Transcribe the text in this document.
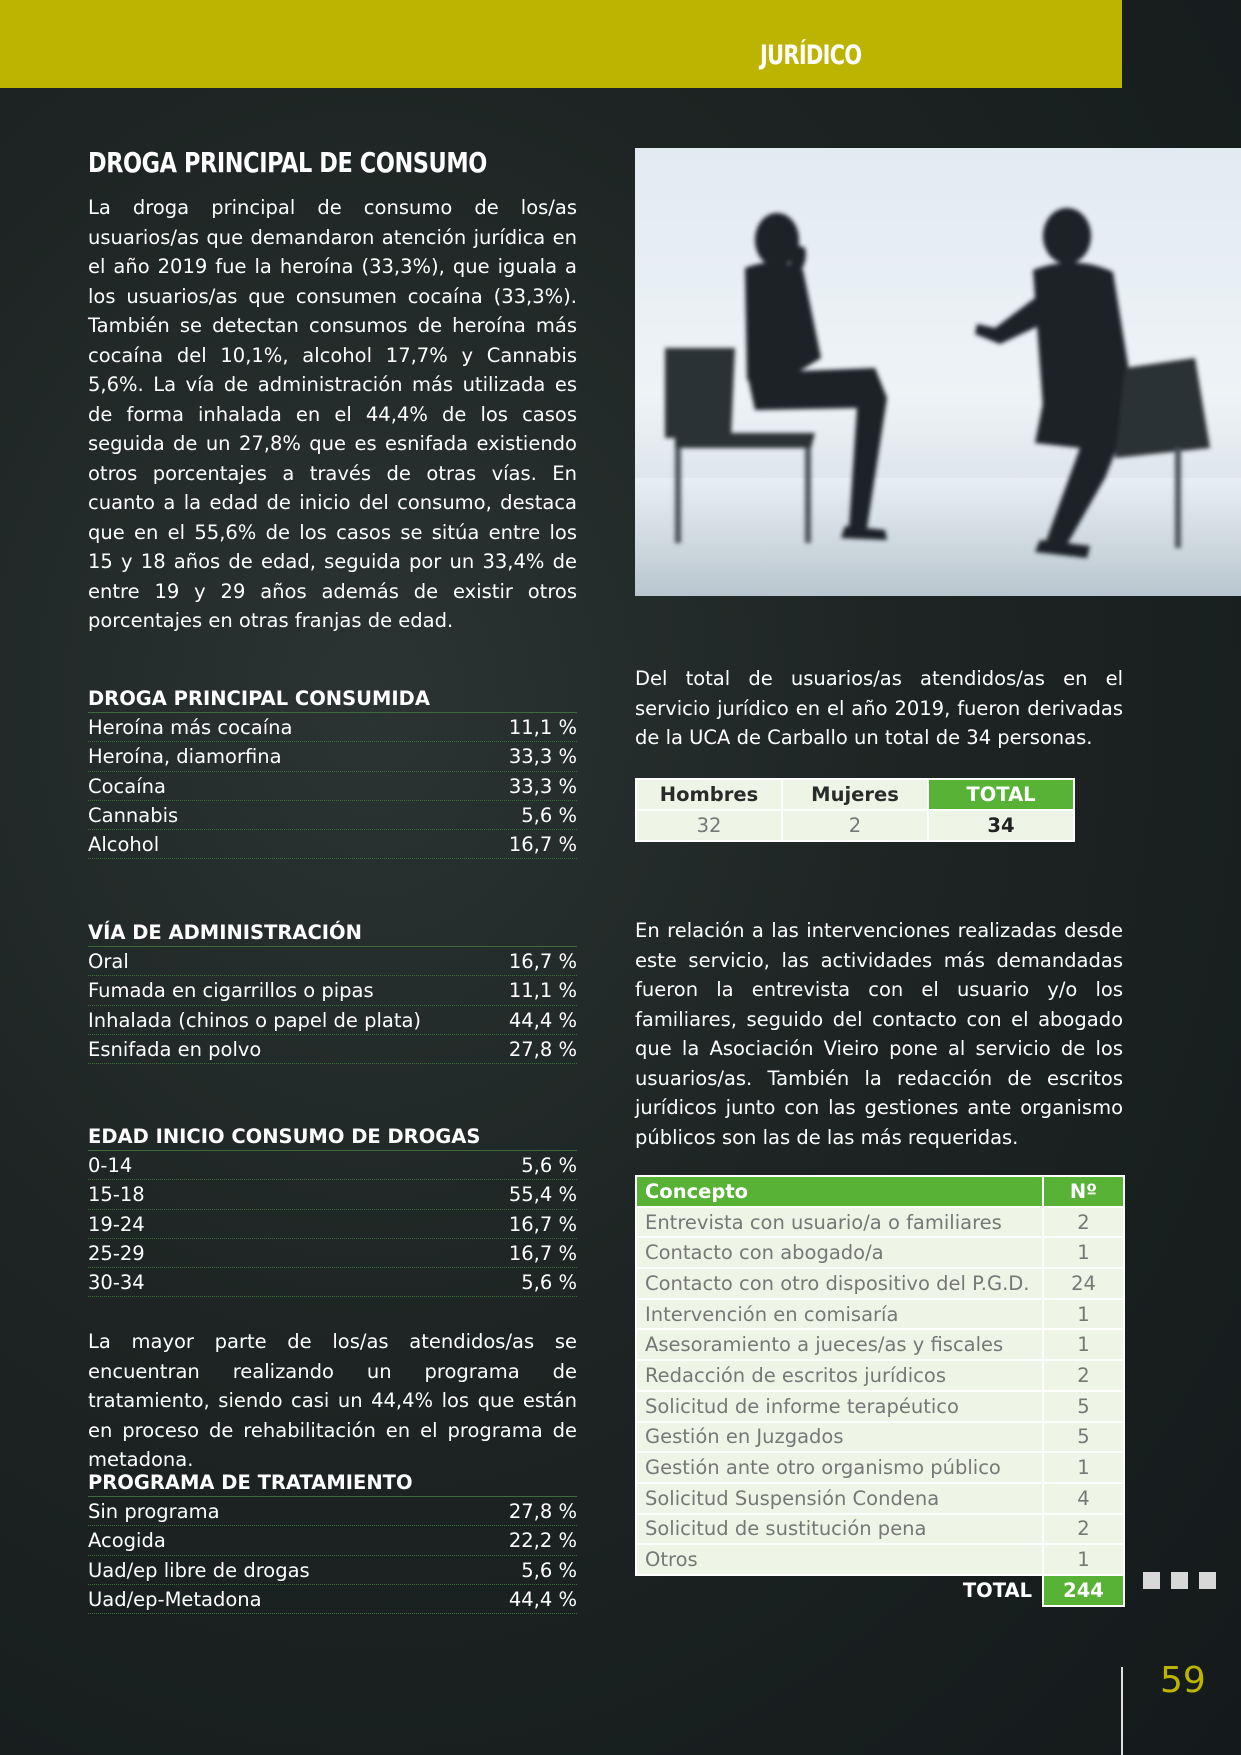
JURÍDICO
DROGA PRINCIPAL DE CONSUMO
La droga principal de consumo de los/as usuarios/as que demandaron atención jurídica en el año 2019 fue la heroína (33,3%), que iguala a los usuarios/as que consumen cocaína (33,3%). También se detectan consumos de heroína más cocaína del 10,1%, alcohol 17,7% y Cannabis 5,6%. La vía de administración más utilizada es de forma inhalada en el 44,4% de los casos seguida de un 27,8% que es esnifada existiendo otros porcentajes a través de otras vías. En cuanto a la edad de inicio del consumo, destaca que en el 55,6% de los casos se sitúa entre los 15 y 18 años de edad, seguida por un 33,4% de entre 19 y 29 años además de existir otros porcentajes en otras franjas de edad.
DROGA PRINCIPAL CONSUMIDA
Heroína más cocaína	11,1 %
Heroína, diamorfina	33,3 %
Cocaína	33,3 %
Cannabis	5,6 %
Alcohol	16,7 %
VÍA DE ADMINISTRACIÓN
Oral	16,7 %
Fumada en cigarrillos o pipas	11,1 %
Inhalada (chinos o papel de plata)	44,4 %
Esnifada en polvo	27,8 %
EDAD INICIO CONSUMO DE DROGAS
0-14	5,6 %
15-18	55,4 %
19-24	16,7 %
25-29	16,7 %
30-34	5,6 %
La mayor parte de los/as atendidos/as se encuentran realizando un programa de tratamiento, siendo casi un 44,4% los que están en proceso de rehabilitación en el programa de metadona.
PROGRAMA DE TRATAMIENTO
Sin programa	27,8 %
Acogida	22,2 %
Uad/ep libre de drogas	5,6 %
Uad/ep-Metadona	44,4 %
Del total de usuarios/as atendidos/as en el servicio jurídico en el año 2019, fueron derivadas de la UCA de Carballo un total de 34 personas.
Hombres	Mujeres	TOTAL
32	2	34
En relación a las intervenciones realizadas desde este servicio, las actividades más demandadas fueron la entrevista con el usuario y/o los familiares, seguido del contacto con el abogado que la Asociación Vieiro pone al servicio de los usuarios/as. También la redacción de escritos jurídicos junto con las gestiones ante organismo públicos son las de las más requeridas.
Concepto	Nº
Entrevista con usuario/a o familiares	2
Contacto con abogado/a	1
Contacto con otro dispositivo del P.G.D.	24
Intervención en comisaría	1
Asesoramiento a jueces/as y fiscales	1
Redacción de escritos jurídicos	2
Solicitud de informe terapéutico	5
Gestión en Juzgados	5
Gestión ante otro organismo público	1
Solicitud Suspensión Condena	4
Solicitud de sustitución pena	2
Otros	1
TOTAL	244
59
